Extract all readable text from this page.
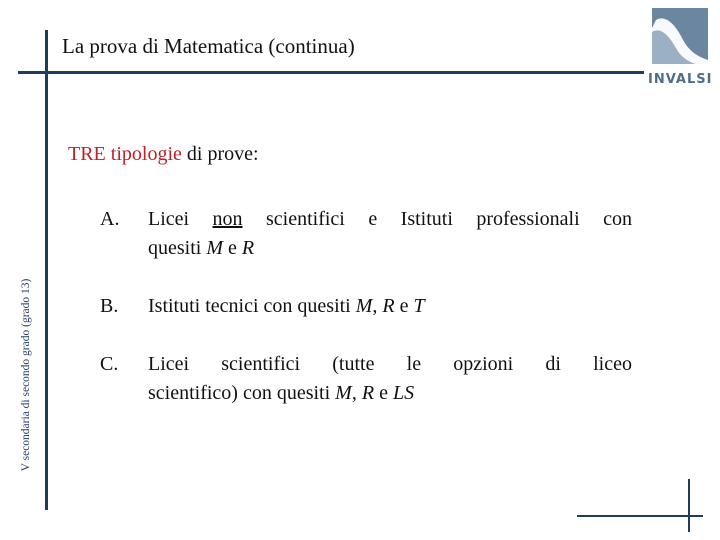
La prova di Matematica (continua)
INVALSI
V secondaria di secondo grado (grado 13)
TRE tipologie di prove:
A. Licei non scientifici e Istituti professionali con
quesiti M e R
B. Istituti tecnici con quesiti M, R e T
C. Licei scientifici (tutte le opzioni di liceo
scientifico) con quesiti M, R e LS
